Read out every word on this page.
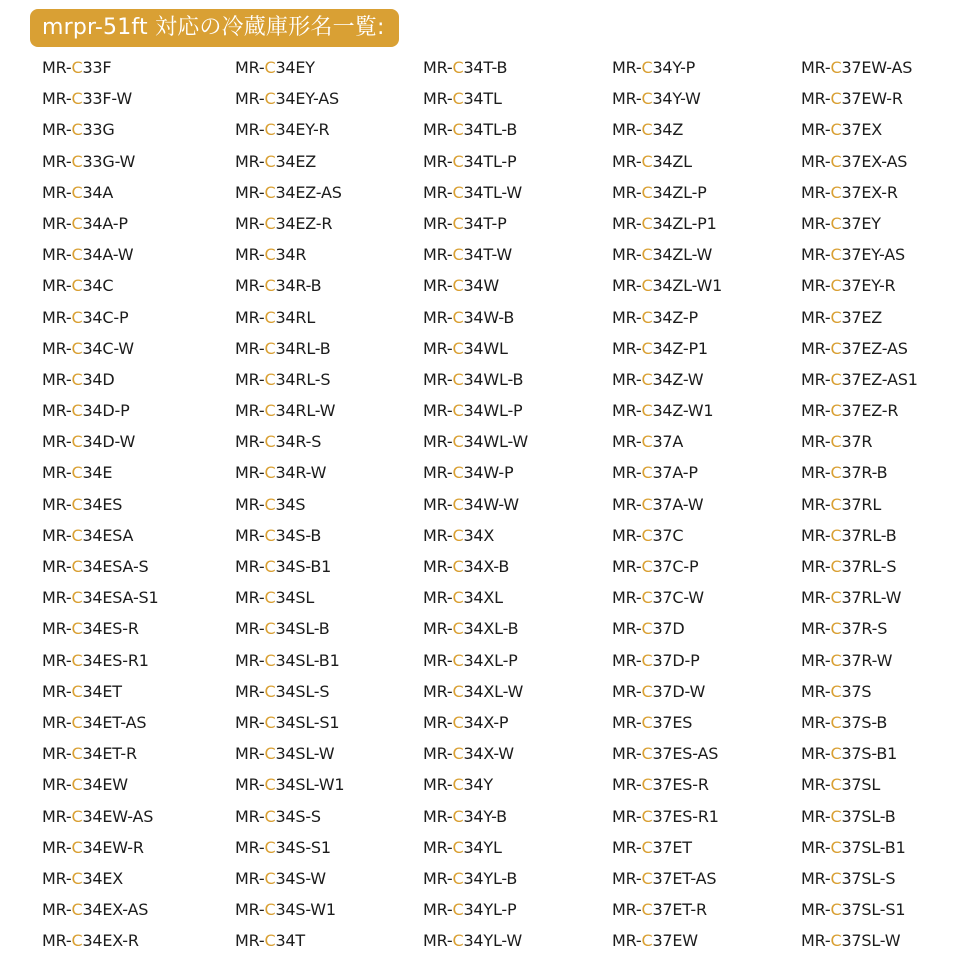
mrpr-51ft 対応の冷蔵庫形名一覧:
MR-C33F
MR-C33F-W
MR-C33G
MR-C33G-W
MR-C34A
MR-C34A-P
MR-C34A-W
MR-C34C
MR-C34C-P
MR-C34C-W
MR-C34D
MR-C34D-P
MR-C34D-W
MR-C34E
MR-C34ES
MR-C34ESA
MR-C34ESA-S
MR-C34ESA-S1
MR-C34ES-R
MR-C34ES-R1
MR-C34ET
MR-C34ET-AS
MR-C34ET-R
MR-C34EW
MR-C34EW-AS
MR-C34EW-R
MR-C34EX
MR-C34EX-AS
MR-C34EX-R
MR-C34EY
MR-C34EY-AS
MR-C34EY-R
MR-C34EZ
MR-C34EZ-AS
MR-C34EZ-R
MR-C34R
MR-C34R-B
MR-C34RL
MR-C34RL-B
MR-C34RL-S
MR-C34RL-W
MR-C34R-S
MR-C34R-W
MR-C34S
MR-C34S-B
MR-C34S-B1
MR-C34SL
MR-C34SL-B
MR-C34SL-B1
MR-C34SL-S
MR-C34SL-S1
MR-C34SL-W
MR-C34SL-W1
MR-C34S-S
MR-C34S-S1
MR-C34S-W
MR-C34S-W1
MR-C34T
MR-C34T-B
MR-C34TL
MR-C34TL-B
MR-C34TL-P
MR-C34TL-W
MR-C34T-P
MR-C34T-W
MR-C34W
MR-C34W-B
MR-C34WL
MR-C34WL-B
MR-C34WL-P
MR-C34WL-W
MR-C34W-P
MR-C34W-W
MR-C34X
MR-C34X-B
MR-C34XL
MR-C34XL-B
MR-C34XL-P
MR-C34XL-W
MR-C34X-P
MR-C34X-W
MR-C34Y
MR-C34Y-B
MR-C34YL
MR-C34YL-B
MR-C34YL-P
MR-C34YL-W
MR-C34Y-P
MR-C34Y-W
MR-C34Z
MR-C34ZL
MR-C34ZL-P
MR-C34ZL-P1
MR-C34ZL-W
MR-C34ZL-W1
MR-C34Z-P
MR-C34Z-P1
MR-C34Z-W
MR-C34Z-W1
MR-C37A
MR-C37A-P
MR-C37A-W
MR-C37C
MR-C37C-P
MR-C37C-W
MR-C37D
MR-C37D-P
MR-C37D-W
MR-C37ES
MR-C37ES-AS
MR-C37ES-R
MR-C37ES-R1
MR-C37ET
MR-C37ET-AS
MR-C37ET-R
MR-C37EW
MR-C37EW-AS
MR-C37EW-R
MR-C37EX
MR-C37EX-AS
MR-C37EX-R
MR-C37EY
MR-C37EY-AS
MR-C37EY-R
MR-C37EZ
MR-C37EZ-AS
MR-C37EZ-AS1
MR-C37EZ-R
MR-C37R
MR-C37R-B
MR-C37RL
MR-C37RL-B
MR-C37RL-S
MR-C37RL-W
MR-C37R-S
MR-C37R-W
MR-C37S
MR-C37S-B
MR-C37S-B1
MR-C37SL
MR-C37SL-B
MR-C37SL-B1
MR-C37SL-S
MR-C37SL-S1
MR-C37SL-W
